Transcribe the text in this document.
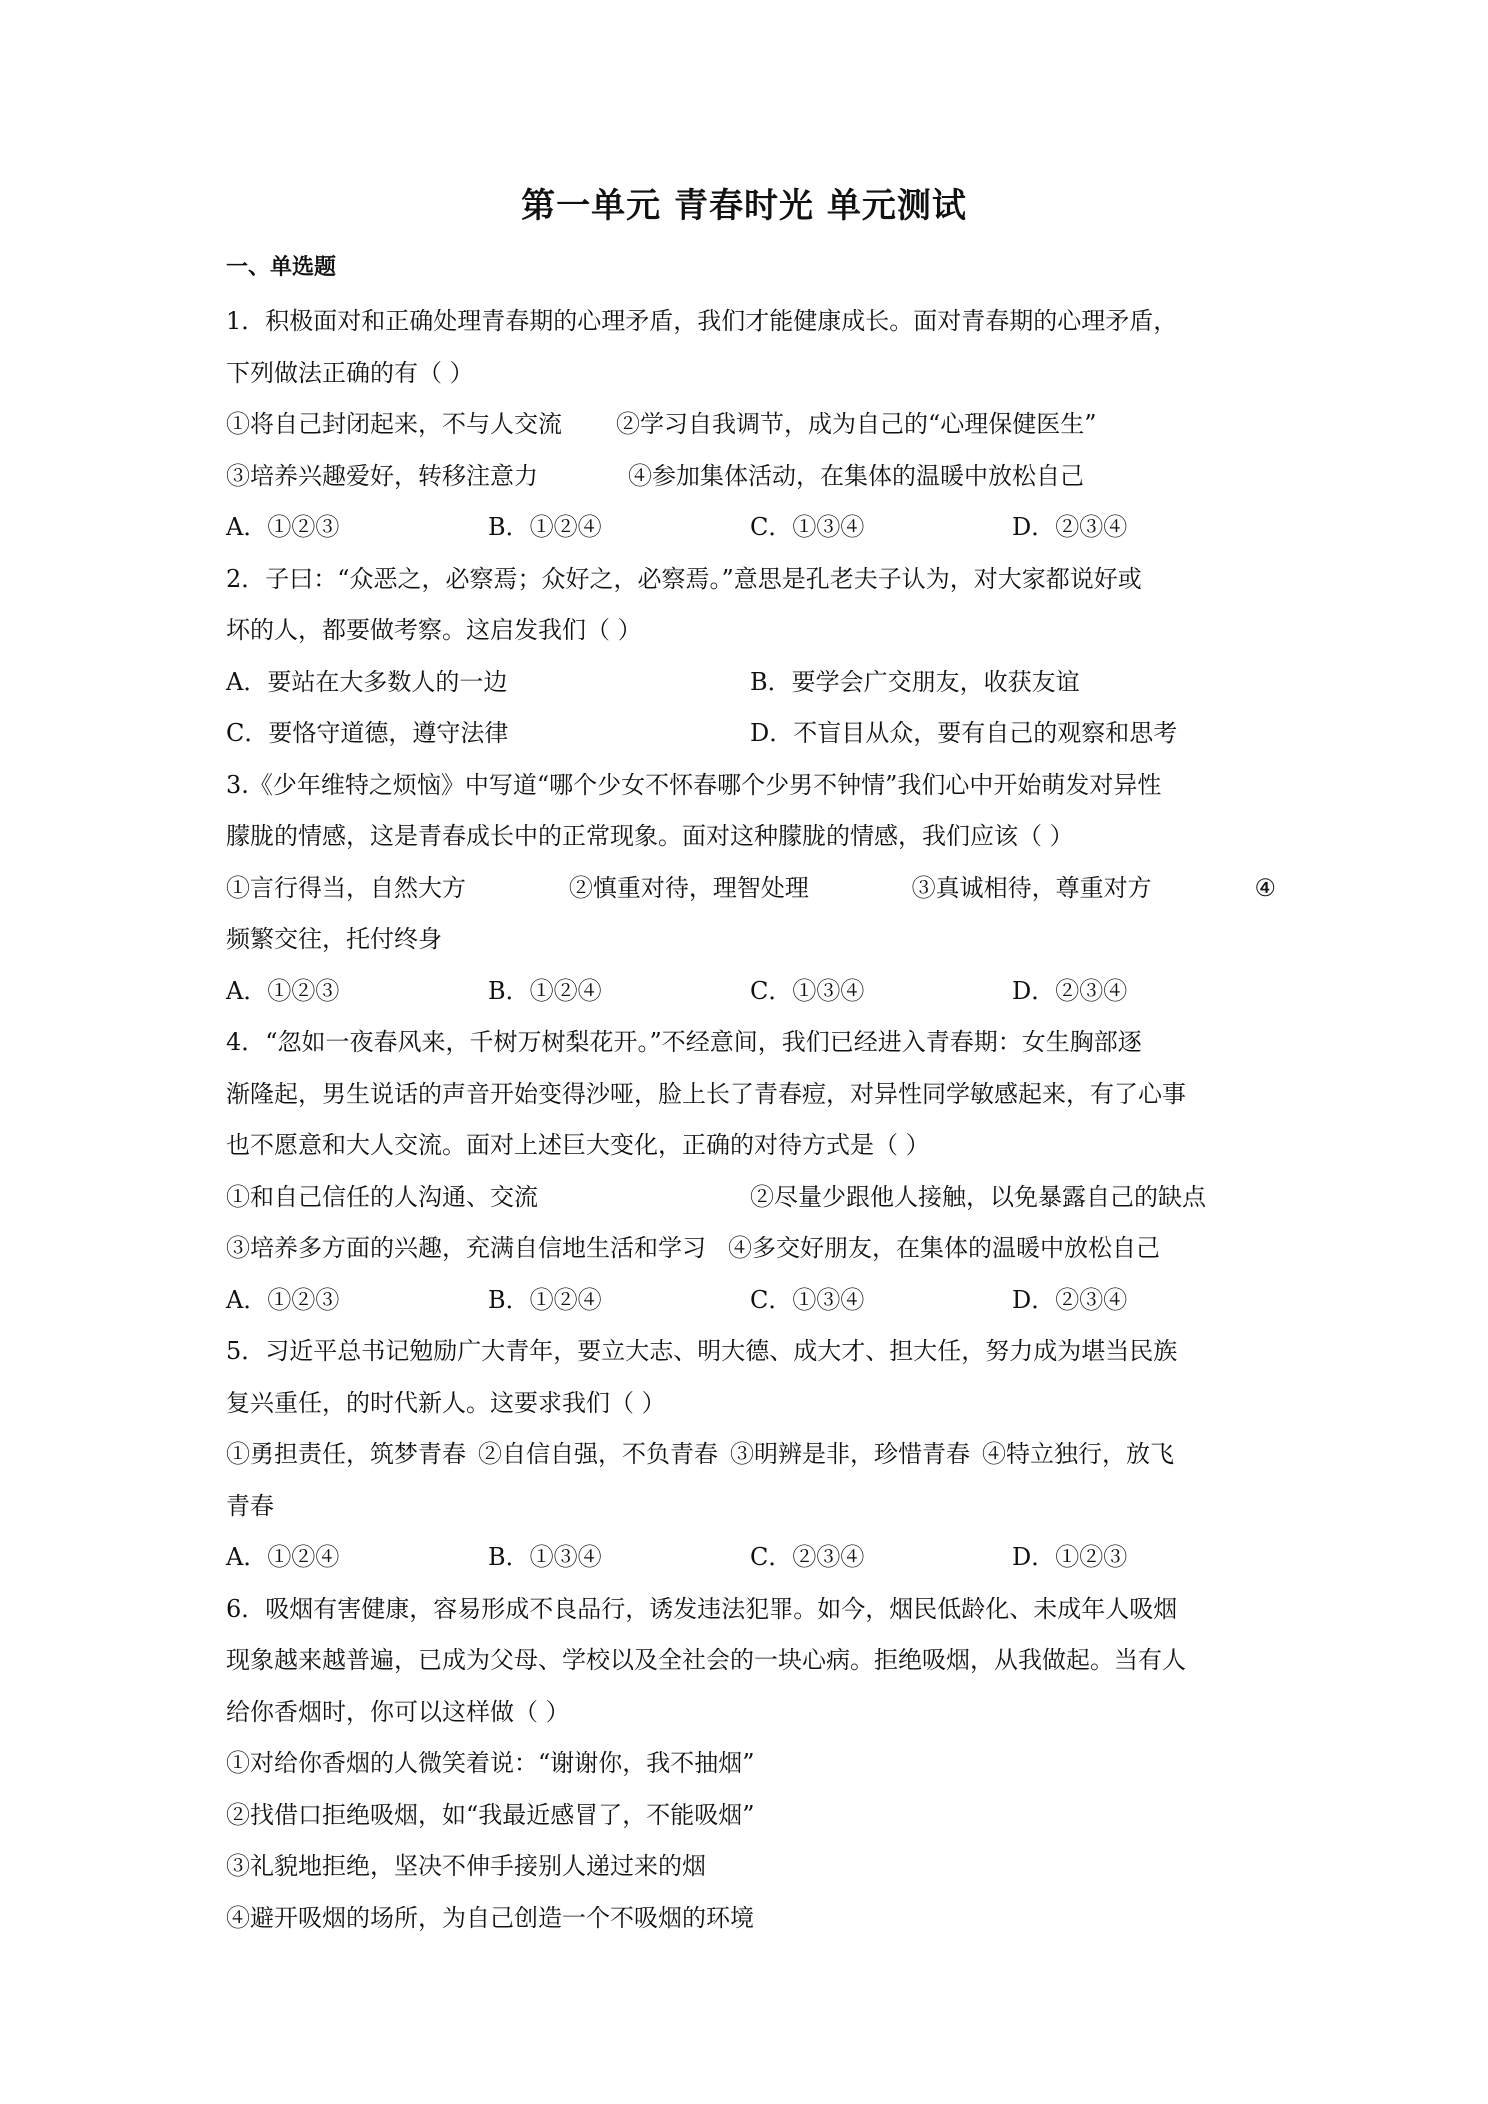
第一单元 青春时光 单元测试
一、单选题
1．积极面对和正确处理青春期的心理矛盾，我们才能健康成长。面对青春期的心理矛盾，
下列做法正确的有（ ）
①将自己封闭起来，不与人交流 ②学习自我调节，成为自己的“心理保健医生”
③培养兴趣爱好，转移注意力	④参加集体活动，在集体的温暖中放松自己
A．①②③	B．①②④	C．①③④	D．②③④
2．子曰：“众恶之，必察焉；众好之，必察焉。”意思是孔老夫子认为，对大家都说好或
坏的人，都要做考察。这启发我们（ ）
A．要站在大多数人的一边	B．要学会广交朋友，收获友谊
C．要恪守道德，遵守法律	D．不盲目从众，要有自己的观察和思考
3.《少年维特之烦恼》中写道“哪个少女不怀春哪个少男不钟情”我们心中开始萌发对异性
朦胧的情感，这是青春成长中的正常现象。面对这种朦胧的情感，我们应该（ ）
①言行得当，自然大方	②慎重对待，理智处理	③真诚相待，尊重对方	④
频繁交往，托付终身
A．①②③	B．①②④	C．①③④	D．②③④
4．“忽如一夜春风来，千树万树梨花开。”不经意间，我们已经进入青春期：女生胸部逐
渐隆起，男生说话的声音开始变得沙哑，脸上长了青春痘，对异性同学敏感起来，有了心事
也不愿意和大人交流。面对上述巨大变化，正确的对待方式是（ ）
①和自己信任的人沟通、交流	②尽量少跟他人接触，以免暴露自己的缺点
③培养多方面的兴趣，充满自信地生活和学习 ④多交好朋友，在集体的温暖中放松自己
A．①②③	B．①②④	C．①③④	D．②③④
5．习近平总书记勉励广大青年，要立大志、明大德、成大才、担大任，努力成为堪当民族
复兴重任，的时代新人。这要求我们（ ）
①勇担责任，筑梦青春 ②自信自强，不负青春 ③明辨是非，珍惜青春 ④特立独行，放飞
青春
A．①②④	B．①③④	C．②③④	D．①②③
6．吸烟有害健康，容易形成不良品行，诱发违法犯罪。如今，烟民低龄化、未成年人吸烟
现象越来越普遍，已成为父母、学校以及全社会的一块心病。拒绝吸烟，从我做起。当有人
给你香烟时，你可以这样做（ ）
①对给你香烟的人微笑着说：“谢谢你，我不抽烟”
②找借口拒绝吸烟，如“我最近感冒了，不能吸烟”
③礼貌地拒绝，坚决不伸手接别人递过来的烟
④避开吸烟的场所，为自己创造一个不吸烟的环境
